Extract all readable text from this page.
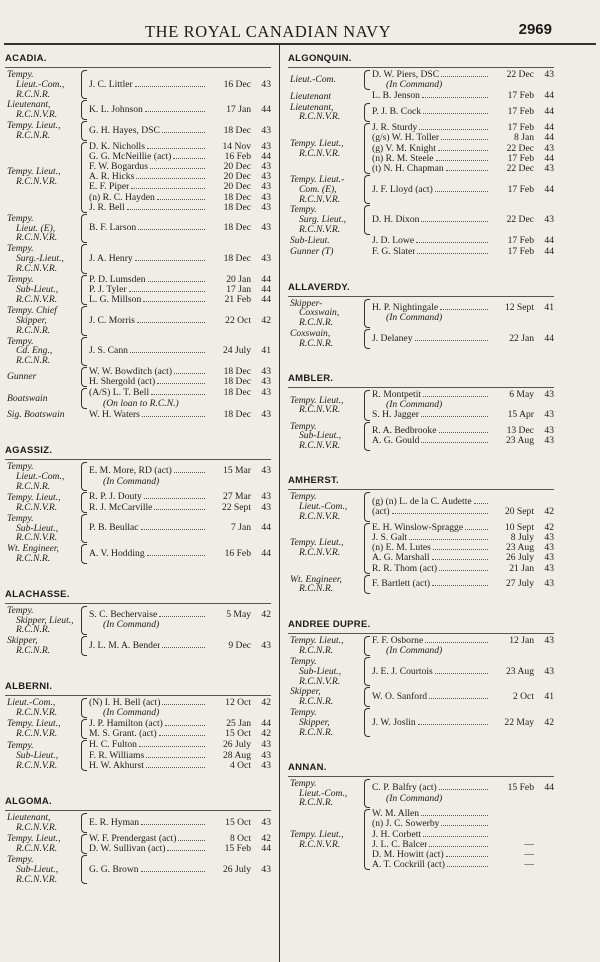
THE ROYAL CANADIAN NAVY	2969
ACADIA.
Tempy.
Lieut.-Com.,
R.C.N.R.
J. C. Littler	16 Dec	43
Lieutenant,
R.C.N.V.R.	K. L. Johnson	17 Jan	44
Tempy. Lieut.,
R.C.N.R.	G. H. Hayes, DSC	18 Dec	43
Tempy. Lieut.,
R.C.N.V.R.
D. K. Nicholls	14 Nov	43
G. G. McNeillie (act)	16 Feb	44
F. W. Bogardus	20 Dec	43
A. R. Hicks	20 Dec	43
E. F. Piper	20 Dec	43
(n) R. C. Hayden	18 Dec	43
J. R. Bell	18 Dec	43
Tempy.
Lieut. (E),
R.C.N.V.R.
B. F. Larson	18 Dec	43
Tempy.
Surg.-Lieut.,
R.C.N.V.R.
J. A. Henry	18 Dec	43
Tempy.
Sub-Lieut.,
R.C.N.V.R.
P. D. Lumsden	20 Jan	44
P. J. Tyler	17 Jan	44
L. G. Millson	21 Feb	44
Tempy. Chief
Skipper,
R.C.N.R.
J. C. Morris	22 Oct	42
Tempy.
Cd. Eng.,
R.C.N.R.
J. S. Cann	24 July	41
Gunner	W. W. Bowditch (act)	18 Dec	43
H. Shergold (act)	18 Dec	43
Boatswain	(A/S) L. T. Bell	18 Dec	43
(On loan to R.C.N.)
Sig. Boatswain	W. H. Waters	18 Dec	43
AGASSIZ.
Tempy.
Lieut.-Com.,
R.C.N.R.
E. M. More, RD (act)	15 Mar	43
(In Command)
Tempy. Lieut.,
R.C.N.V.R.
R. P. J. Douty	27 Mar	43
R. J. McCarville	22 Sept	43
Tempy.
Sub-Lieut.,
R.C.N.V.R.
P. B. Beullac	7 Jan	44
Wt. Engineer,
R.C.N.R.	A. V. Hodding	16 Feb	44
ALACHASSE.
Tempy.
Skipper, Lieut.,
R.C.N.R.
S. C. Bechervaise	5 May	42
(In Command)
Skipper,
R.C.N.R.	J. L. M. A. Bender	9 Dec	43
ALBERNI.
Lieut.-Com.,
R.C.N.V.R.
(N) I. H. Bell (act)	12 Oct	42
(In Command)
Tempy. Lieut.,
R.C.N.V.R.
J. P. Hamilton (act)	25 Jan	44
M. S. Grant. (act)	15 Oct	42
Tempy.
Sub-Lieut.,
R.C.N.V.R.
H. C. Fulton	26 July	43
F. R. Williams	28 Aug	43
H. W. Akhurst	4 Oct	43
ALGOMA.
Lieutenant,
R.C.N.V.R.	E. R. Hyman	15 Oct	43
Tempy. Lieut.,
R.C.N.V.R.
W. F. Prendergast (act)	8 Oct	42
D. W. Sullivan (act)	15 Feb	44
Tempy.
Sub-Lieut.,
R.C.N.V.R.
G. G. Brown	26 July	43
ALGONQUIN.
Lieut.-Com.	D. W. Piers, DSC	22 Dec	43
(In Command)
Lieutenant	L. B. Jenson	17 Feb	44
Lieutenant,
R.C.N.V.R.	P. J. B. Cock	17 Feb	44
Tempy. Lieut.,
R.C.N.V.R.
J. R. Sturdy	17 Feb	44
(g/s) W. H. Toller	8 Jan	44
(g) V. M. Knight	22 Dec	43
(n) R. M. Steele	17 Feb	44
(t) N. H. Chapman	22 Dec	43
Tempy. Lieut.-
Com. (E),
R.C.N.V.R.
J. F. Lloyd (act)	17 Feb	44
Tempy.
Surg. Lieut.,
R.C.N.V.R.
D. H. Dixon	22 Dec	43
Sub-Lieut.	J. D. Lowe	17 Feb	44
Gunner (T)	F. G. Slater	17 Feb	44
ALLAVERDY.
Skipper-
Coxswain,
R.C.N.R.
H. P. Nightingale	12 Sept	41
(In Command)
Coxswain,
R.C.N.R.	J. Delaney	22 Jan	44
AMBLER.
Tempy. Lieut.,
R.C.N.V.R.
R. Montpetit	6 May	43
(In Command)
S. H. Jagger	15 Apr	43
Tempy.
Sub-Lieut.,
R.C.N.V.R.
R. A. Bedbrooke	13 Dec	43
A. G. Gould	23 Aug	43
AMHERST.
Tempy.
Lieut.-Com.,
R.C.N.V.R.
(g) (n) L. de la C. Audette
(act)	20 Sept	42
Tempy. Lieut.,
R.C.N.V.R.
E. H. Winslow-Spragge	10 Sept	42
J. S. Galt	8 July	43
(n) E. M. Lutes	23 Aug	43
A. G. Marshall	26 July	43
R. R. Thom (act)	21 Jan	43
Wt. Engineer,
R.C.N.R.	F. Bartlett (act)	27 July	43
ANDREE DUPRE.
Tempy. Lieut.,
R.C.N.R.
F. F. Osborne	12 Jan	43
(In Command)
Tempy.
Sub-Lieut.,
R.C.N.V.R.
J. E. J. Courtois	23 Aug	43
Skipper,
R.C.N.R.	W. O. Sanford	2 Oct	41
Tempy.
Skipper,
R.C.N.R.
J. W. Joslin	22 May	42
ANNAN.
Tempy.
Lieut.-Com.,
R.C.N.R.
C. P. Balfry (act)	15 Feb	44
(In Command)
Tempy. Lieut.,
R.C.N.V.R.
W. M. Allen
(n) J. C. Sowerby
J. H. Corbett
J. L. C. Balcer	—
D. M. Howitt (act)	—
A. T. Cockrill (act)	—
